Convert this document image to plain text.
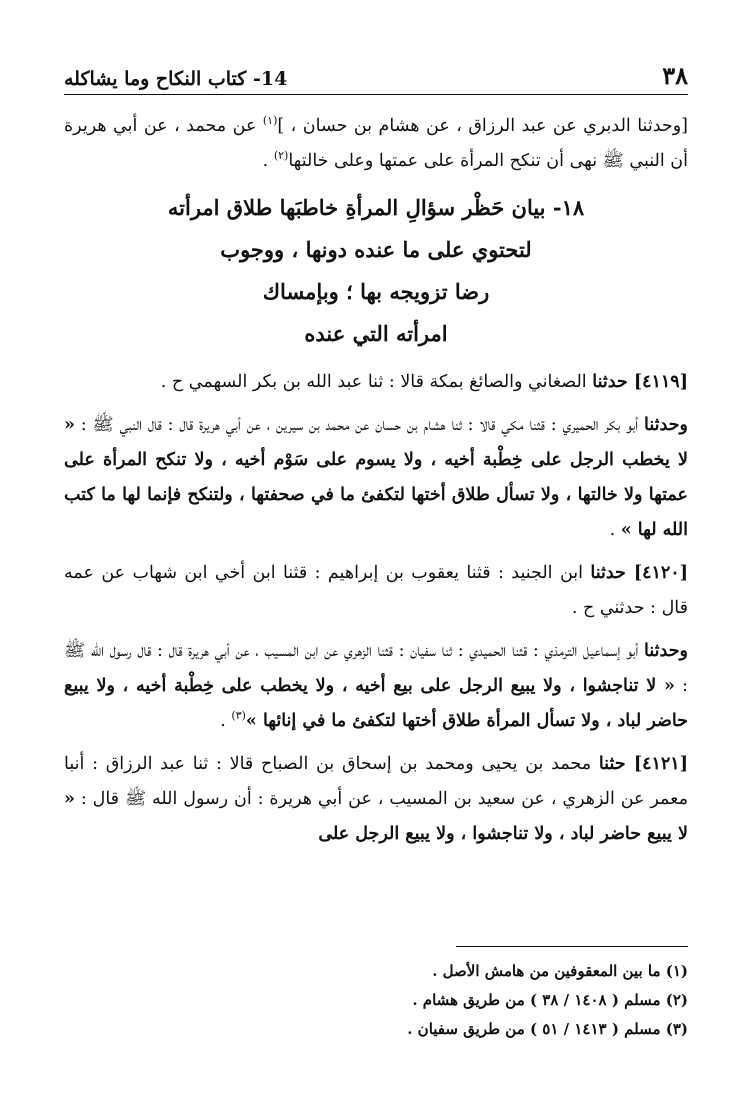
٣٨
14- كتاب النكاح وما يشاكله

[وحدثنا الدبري عن عبد الرزاق ، عن هشام بن حسان ، ]$^{(١)}$ عن محمد ، عن أبي هريرة أن النبي ﷺ نهى أن تنكح المرأة على عمتها وعلى خالتها$^{(٢)}$ .

١٨- بيان حَظْر سؤالِ المرأةِ خاطبَها طلاق امرأته
لتحتوي على ما عنده دونها ، ووجوب
رضا تزويجه بها ؛ وبإمساك
امرأته التي عنده

[٤١١٩] حدثنا الصغاني والصائغ بمكة قالا : ثنا عبد الله بن بكر السهمي ح .

وحدثنا أبو بكر الحميري : قثنا مكي قالا : ثنا هشام بن حسان عن محمد بن سيرين ، عن أبي هريرة قال : قال النبي ﷺ : « لا يخطب الرجل على خِطْبة أخيه ، ولا يسوم على سَوْم أخيه ، ولا تنكح المرأة على عمتها ولا خالتها ، ولا تسأل طلاق أختها لتكفئ ما في صحفتها ، ولتنكح فإنما لها ما كتب الله لها » .

[٤١٢٠] حدثنا ابن الجنيد : قثنا يعقوب بن إبراهيم : قثنا ابن أخي ابن شهاب عن عمه قال : حدثني ح .

وحدثنا أبو إسماعيل الترمذي : قثنا الحميدي : ثنا سفيان : قثنا الزهري عن ابن المسيب ، عن أبي هريرة قال : قال رسول الله ﷺ : « لا تناجشوا ، ولا يبيع الرجل على بيع أخيه ، ولا يخطب على خِطْبة أخيه ، ولا يبيع حاضر لباد ، ولا تسأل المرأة طلاق أختها لتكفئ ما في إنائها »$^{(٣)}$ .

[٤١٢١] حثنا محمد بن يحيى ومحمد بن إسحاق بن الصباح قالا : ثنا عبد الرزاق : أنبا معمر عن الزهري ، عن سعيد بن المسيب ، عن أبي هريرة : أن رسول الله ﷺ قال : « لا يبيع حاضر لباد ، ولا تناجشوا ، ولا يبيع الرجل على

(١) ما بين المعقوفين من هامش الأصل .

(٢) مسلم ( ١٤٠٨ / ٣٨ ) من طريق هشام .

(٣) مسلم ( ١٤١٣ / ٥١ ) من طريق سفيان .
